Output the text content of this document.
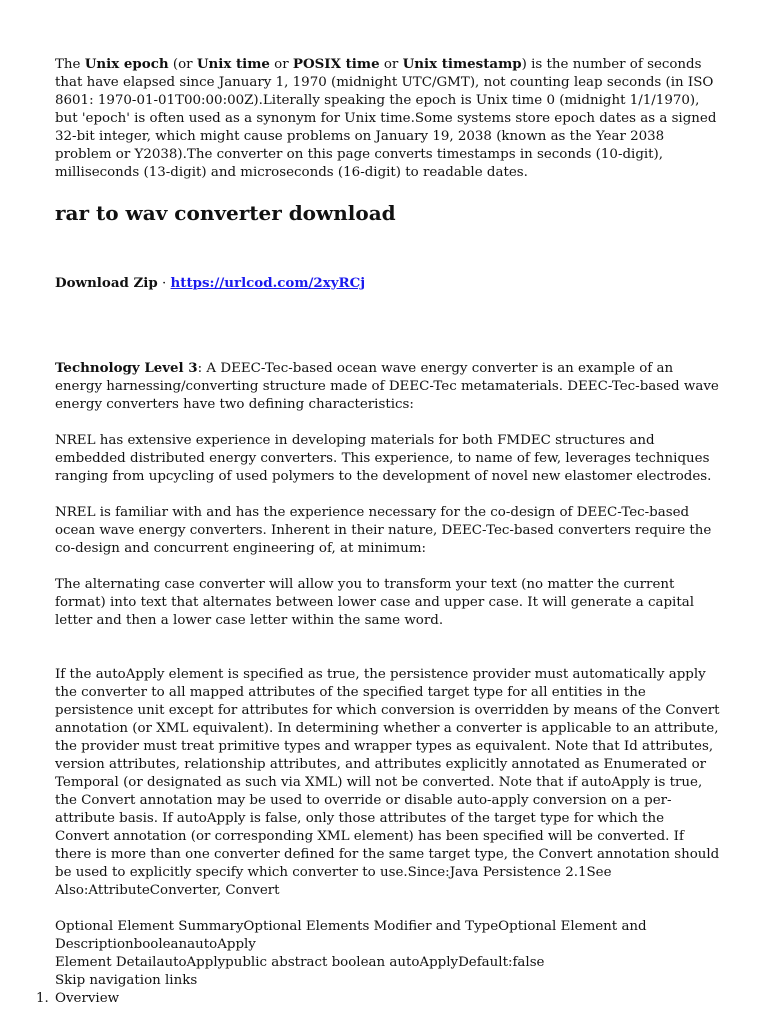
The Unix epoch (or Unix time or POSIX time or Unix timestamp) is the number of seconds that have elapsed since January 1, 1970 (midnight UTC/GMT), not counting leap seconds (in ISO 8601: 1970-01-01T00:00:00Z).Literally speaking the epoch is Unix time 0 (midnight 1/1/1970), but 'epoch' is often used as a synonym for Unix time.Some systems store epoch dates as a signed 32-bit integer, which might cause problems on January 19, 2038 (known as the Year 2038 problem or Y2038).The converter on this page converts timestamps in seconds (10-digit), milliseconds (13-digit) and microseconds (16-digit) to readable dates.

rar to wav converter download

Download Zip · https://urlcod.com/2xyRCj

Technology Level 3: A DEEC-Tec-based ocean wave energy converter is an example of an energy harnessing/converting structure made of DEEC-Tec metamaterials. DEEC-Tec-based wave energy converters have two defining characteristics:

NREL has extensive experience in developing materials for both FMDEC structures and embedded distributed energy converters. This experience, to name of few, leverages techniques ranging from upcycling of used polymers to the development of novel new elastomer electrodes.

NREL is familiar with and has the experience necessary for the co-design of DEEC-Tec-based ocean wave energy converters. Inherent in their nature, DEEC-Tec-based converters require the co-design and concurrent engineering of, at minimum:

The alternating case converter will allow you to transform your text (no matter the current format) into text that alternates between lower case and upper case. It will generate a capital letter and then a lower case letter within the same word.

If the autoApply element is specified as true, the persistence provider must automatically apply the converter to all mapped attributes of the specified target type for all entities in the persistence unit except for attributes for which conversion is overridden by means of the Convert annotation (or XML equivalent). In determining whether a converter is applicable to an attribute, the provider must treat primitive types and wrapper types as equivalent. Note that Id attributes, version attributes, relationship attributes, and attributes explicitly annotated as Enumerated or Temporal (or designated as such via XML) will not be converted. Note that if autoApply is true, the Convert annotation may be used to override or disable auto-apply conversion on a per-attribute basis. If autoApply is false, only those attributes of the target type for which the Convert annotation (or corresponding XML element) has been specified will be converted. If there is more than one converter defined for the same target type, the Convert annotation should be used to explicitly specify which converter to use.Since:Java Persistence 2.1See Also:AttributeConverter, Convert

Optional Element SummaryOptional Elements Modifier and TypeOptional Element and DescriptionbooleanautoApply

Element DetailautoApplypublic abstract boolean autoApplyDefault:false

Skip navigation links

1. Overview
